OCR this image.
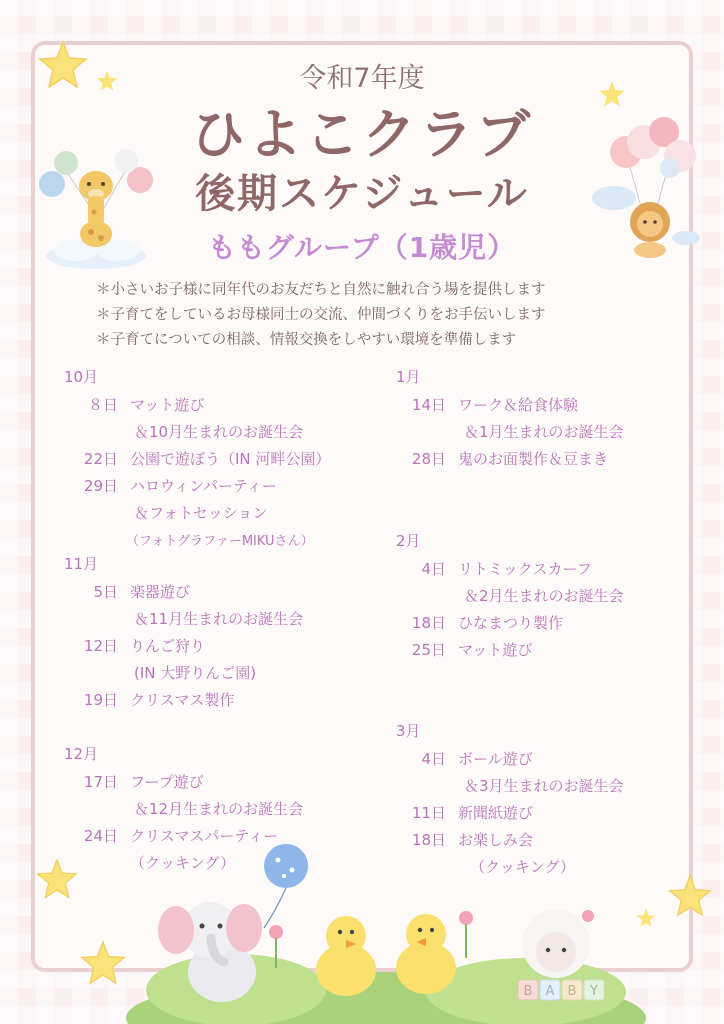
B A B Y
令和7年度
ひよこクラブ
後期スケジュール
ももグループ（1歳児）
＊小さいお子様に同年代のお友だちと自然に触れ合う場を提供します
＊子育てをしているお母様同士の交流、仲間づくりをお手伝いします
＊子育てについての相談、情報交換をしやすい環境を準備します
10月
８日 マット遊び
＆10月生まれのお誕生会
22日 公園で遊ぼう（IN 河畔公園）
29日 ハロウィンパーティー
＆フォトセッション
（フォトグラファーMIKUさん）
11月
5日 楽器遊び
＆11月生まれのお誕生会
12日 りんご狩り
(IN 大野りんご園)
19日 クリスマス製作
12月
17日 フープ遊び
＆12月生まれのお誕生会
24日 クリスマスパーティー
（クッキング）
1月
14日 ワーク＆給食体験
＆1月生まれのお誕生会
28日 鬼のお面製作＆豆まき
2月
4日 リトミックスカーフ
＆2月生まれのお誕生会
18日 ひなまつり製作
25日 マット遊び
3月
4日 ボール遊び
＆3月生まれのお誕生会
11日 新聞紙遊び
18日 お楽しみ会
（クッキング）
